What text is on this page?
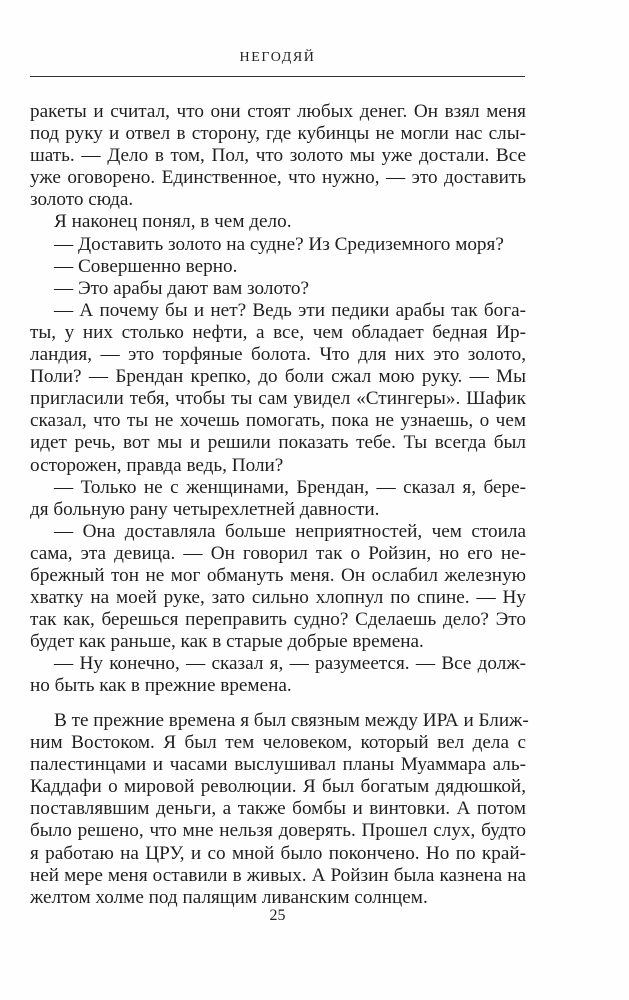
НЕГОДЯЙ
ракеты и считал, что они стоят любых денег. Он взял меня
под руку и отвел в сторону, где кубинцы не могли нас слы-
шать. — Дело в том, Пол, что золото мы уже достали. Все
уже оговорено. Единственное, что нужно, — это доставить
золото сюда.
Я наконец понял, в чем дело.
— Доставить золото на судне? Из Средиземного моря?
— Совершенно верно.
— Это арабы дают вам золото?
— А почему бы и нет? Ведь эти педики арабы так бога-
ты, у них столько нефти, а все, чем обладает бедная Ир-
ландия, — это торфяные болота. Что для них это золото,
Поли? — Брендан крепко, до боли сжал мою руку. — Мы
пригласили тебя, чтобы ты сам увидел «Стингеры». Шафик
сказал, что ты не хочешь помогать, пока не узнаешь, о чем
идет речь, вот мы и решили показать тебе. Ты всегда был
осторожен, правда ведь, Поли?
— Только не с женщинами, Брендан, — сказал я, бере-
дя больную рану четырехлетней давности.
— Она доставляла больше неприятностей, чем стоила
сама, эта девица. — Он говорил так о Ройзин, но его не-
брежный тон не мог обмануть меня. Он ослабил железную
хватку на моей руке, зато сильно хлопнул по спине. — Ну
так как, берешься переправить судно? Сделаешь дело? Это
будет как раньше, как в старые добрые времена.
— Ну конечно, — сказал я, — разумеется. — Все долж-
но быть как в прежние времена.
В те прежние времена я был связным между ИРА и Ближ-
ним Востоком. Я был тем человеком, который вел дела с
палестинцами и часами выслушивал планы Муаммара аль-
Каддафи о мировой революции. Я был богатым дядюшкой,
поставлявшим деньги, а также бомбы и винтовки. А потом
было решено, что мне нельзя доверять. Прошел слух, будто
я работаю на ЦРУ, и со мной было покончено. Но по край-
ней мере меня оставили в живых. А Ройзин была казнена на
желтом холме под палящим ливанским солнцем.
25
